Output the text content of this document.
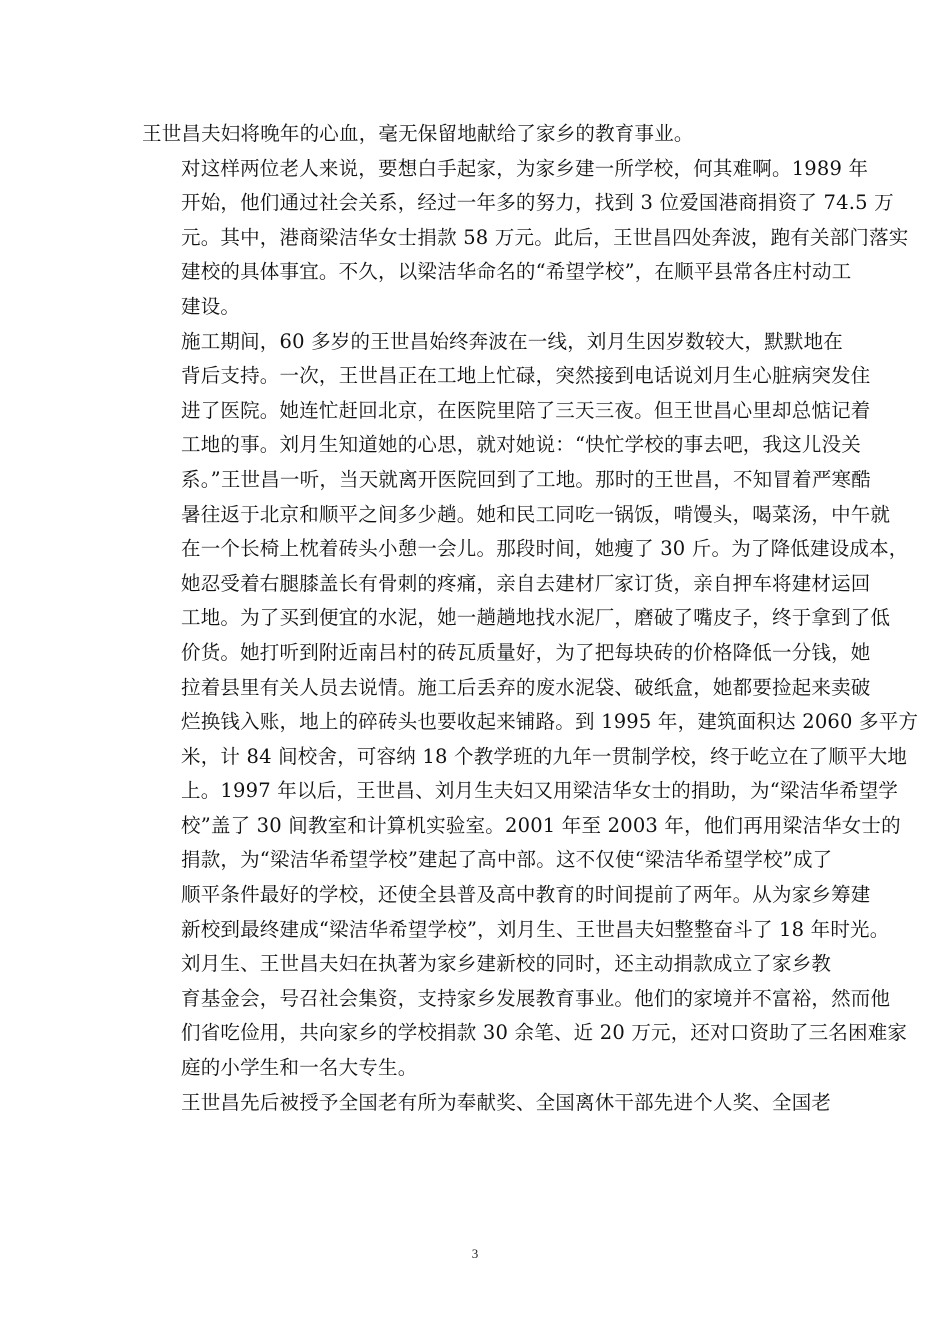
王世昌夫妇将晚年的心血，毫无保留地献给了家乡的教育事业。

对这样两位老人来说，要想白手起家，为家乡建一所学校，何其难啊。1989 年
开始，他们通过社会关系，经过一年多的努力，找到 3 位爱国港商捐资了 74.5 万
元。其中，港商梁洁华女士捐款 58 万元。此后，王世昌四处奔波，跑有关部门落实
建校的具体事宜。不久，以梁洁华命名的“希望学校”，在顺平县常各庄村动工
建设。

施工期间，60 多岁的王世昌始终奔波在一线，刘月生因岁数较大，默默地在
背后支持。一次，王世昌正在工地上忙碌，突然接到电话说刘月生心脏病突发住
进了医院。她连忙赶回北京，在医院里陪了三天三夜。但王世昌心里却总惦记着
工地的事。刘月生知道她的心思，就对她说：“快忙学校的事去吧，我这儿没关
系。”王世昌一听，当天就离开医院回到了工地。那时的王世昌，不知冒着严寒酷
暑往返于北京和顺平之间多少趟。她和民工同吃一锅饭，啃馒头，喝菜汤，中午就
在一个长椅上枕着砖头小憩一会儿。那段时间，她瘦了 30 斤。为了降低建设成本，
她忍受着右腿膝盖长有骨刺的疼痛，亲自去建材厂家订货，亲自押车将建材运回
工地。为了买到便宜的水泥，她一趟趟地找水泥厂，磨破了嘴皮子，终于拿到了低
价货。她打听到附近南吕村的砖瓦质量好，为了把每块砖的价格降低一分钱，她
拉着县里有关人员去说情。施工后丢弃的废水泥袋、破纸盒，她都要捡起来卖破
烂换钱入账，地上的碎砖头也要收起来铺路。到 1995 年，建筑面积达 2060 多平方
米，计 84 间校舍，可容纳 18 个教学班的九年一贯制学校，终于屹立在了顺平大地
上。1997 年以后，王世昌、刘月生夫妇又用梁洁华女士的捐助，为“梁洁华希望学
校”盖了 30 间教室和计算机实验室。2001 年至 2003 年，他们再用梁洁华女士的
捐款，为“梁洁华希望学校”建起了高中部。这不仅使“梁洁华希望学校”成了
顺平条件最好的学校，还使全县普及高中教育的时间提前了两年。从为家乡筹建
新校到最终建成“梁洁华希望学校”，刘月生、王世昌夫妇整整奋斗了 18 年时光。

刘月生、王世昌夫妇在执著为家乡建新校的同时，还主动捐款成立了家乡教
育基金会，号召社会集资，支持家乡发展教育事业。他们的家境并不富裕，然而他
们省吃俭用，共向家乡的学校捐款 30 余笔、近 20 万元，还对口资助了三名困难家
庭的小学生和一名大专生。

王世昌先后被授予全国老有所为奉献奖、全国离休干部先进个人奖、全国老

3
